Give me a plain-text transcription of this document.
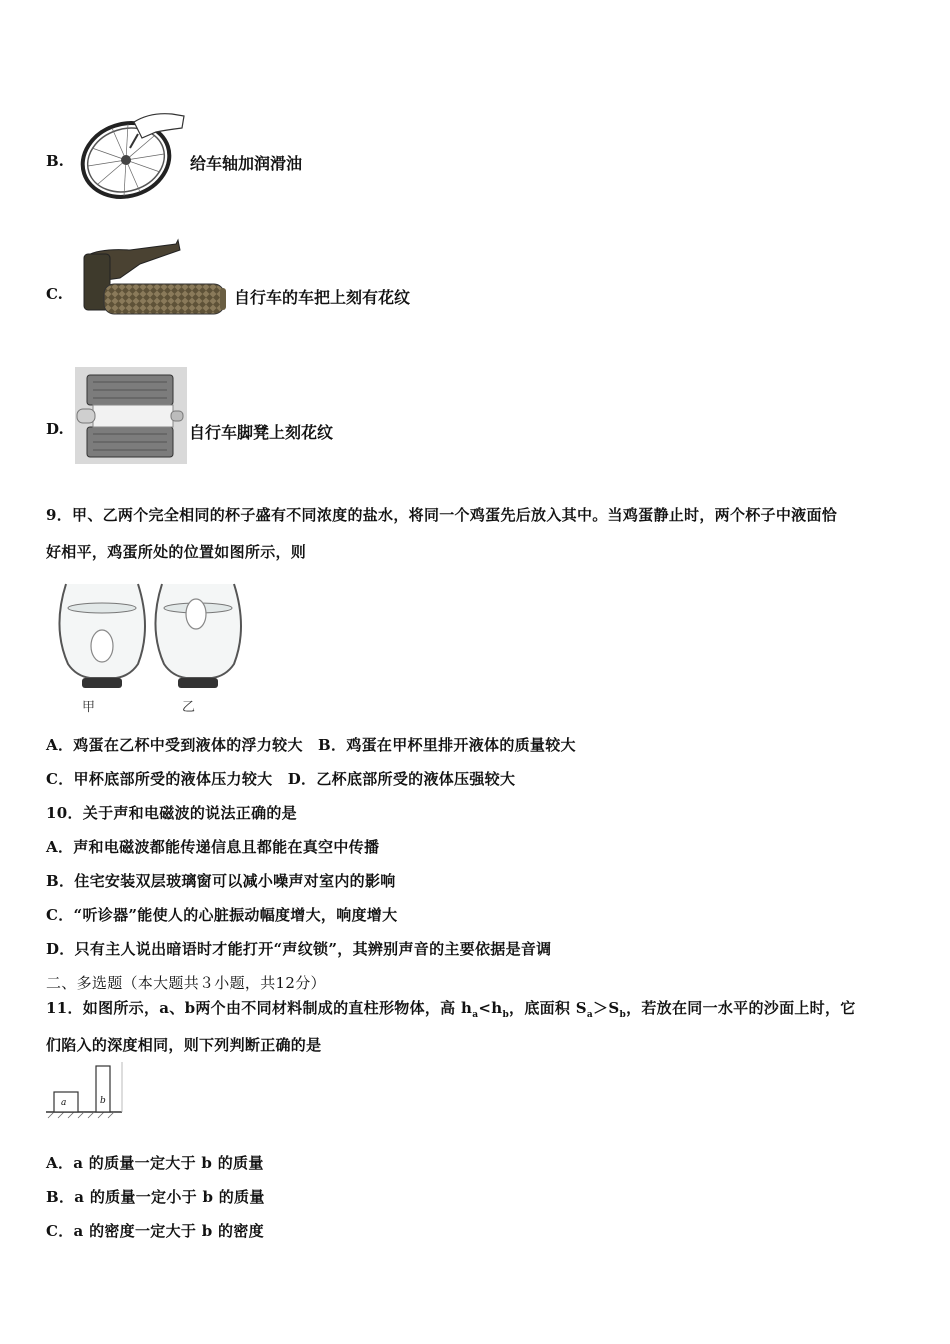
B.	给车轴加润滑油
C.	自行车的车把上刻有花纹
D.	自行车脚凳上刻花纹
9．甲、乙两个完全相同的杯子盛有不同浓度的盐水，将同一个鸡蛋先后放入其中。当鸡蛋静止时，两个杯子中液面恰
好相平，鸡蛋所处的位置如图所示，则
甲	乙
A．鸡蛋在乙杯中受到液体的浮力较大　B．鸡蛋在甲杯里排开液体的质量较大
C．甲杯底部所受的液体压力较大　D．乙杯底部所受的液体压强较大
10．关于声和电磁波的说法正确的是
A．声和电磁波都能传递信息且都能在真空中传播
B．住宅安装双层玻璃窗可以减小噪声对室内的影响
C．“听诊器”能使人的心脏振动幅度增大，响度增大
D．只有主人说出暗语时才能打开“声纹锁”，其辨别声音的主要依据是音调
二、多选题（本大题共３小题，共12分）
11．如图所示，a、b两个由不同材料制成的直柱形物体，高 $h_a<h_b$，底面积 $S_a>S_b$，若放在同一水平的沙面上时，它
们陷入的深度相同，则下列判断正确的是
a	b
A．a 的质量一定大于 b 的质量
B．a 的质量一定小于 b 的质量
C．a 的密度一定大于 b 的密度
